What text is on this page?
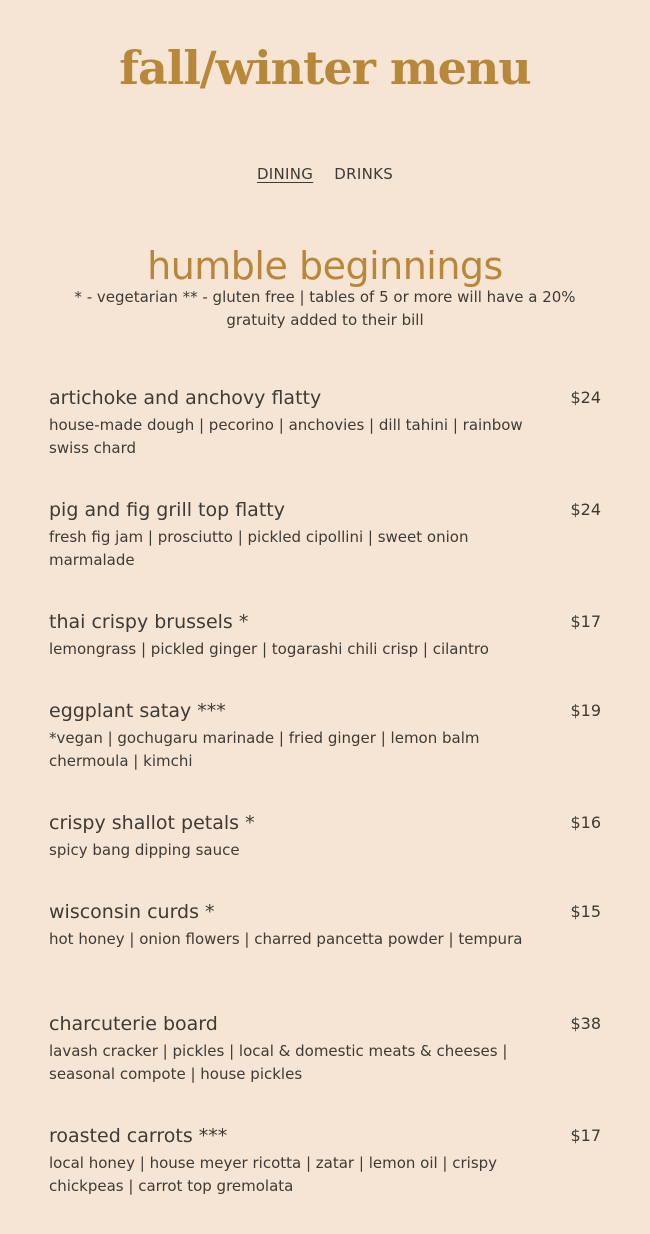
fall/winter menu
DINING DRINKS
humble beginnings

* - vegetarian ** - gluten free | tables of 5 or more will have a 20% gratuity added to their bill

artichoke and anchovy flatty	$24
house-made dough | pecorino | anchovies | dill tahini | rainbow swiss chard
pig and fig grill top flatty	$24
fresh fig jam | prosciutto | pickled cipollini | sweet onion marmalade
thai crispy brussels *	$17
lemongrass | pickled ginger | togarashi chili crisp | cilantro
eggplant satay ***	$19
*vegan | gochugaru marinade | fried ginger | lemon balm chermoula | kimchi
crispy shallot petals *	$16
spicy bang dipping sauce
wisconsin curds *	$15
hot honey | onion flowers | charred pancetta powder | tempura
charcuterie board	$38
lavash cracker | pickles | local & domestic meats & cheeses | seasonal compote | house pickles
roasted carrots ***	$17
local honey | house meyer ricotta | zatar | lemon oil | crispy chickpeas | carrot top gremolata
